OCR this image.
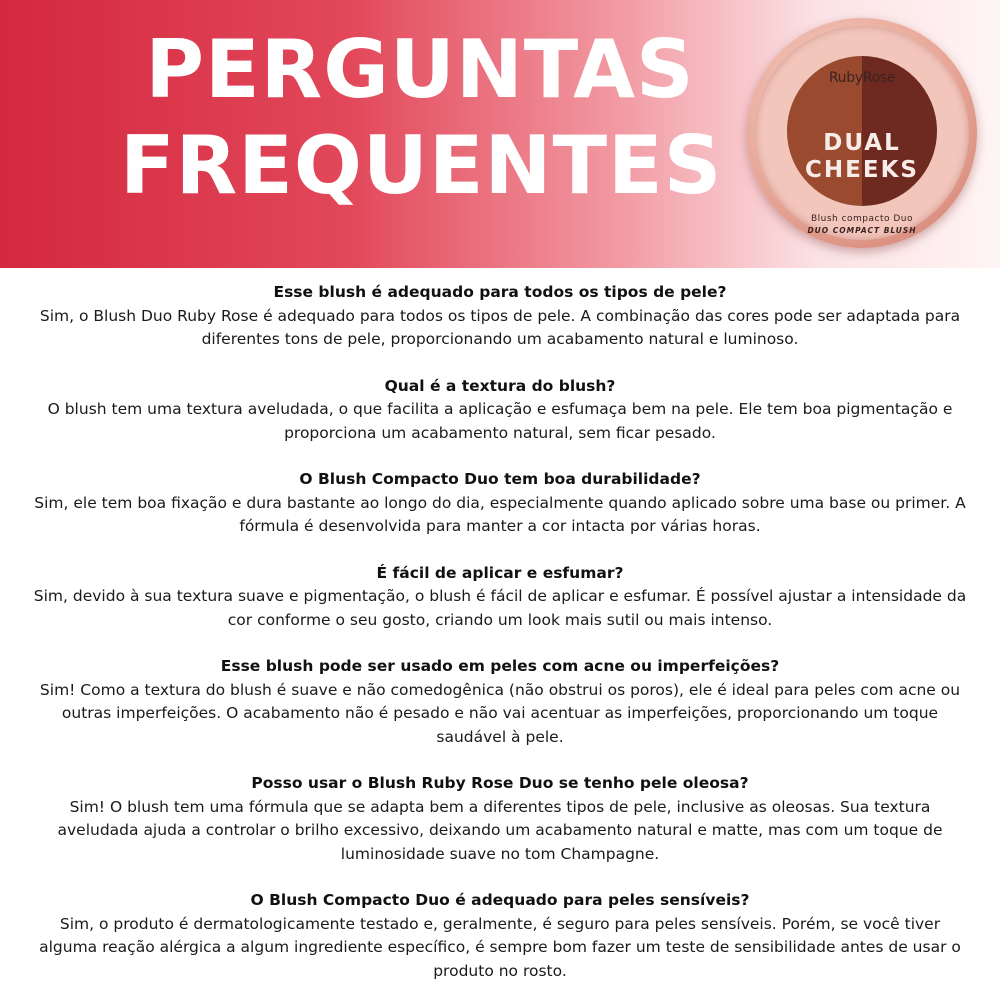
PERGUNTAS
FREQUENTES
RubyRose
DUAL
CHEEKS
Blush compacto Duo
DUO COMPACT BLUSH
Esse blush é adequado para todos os tipos de pele?
Sim, o Blush Duo Ruby Rose é adequado para todos os tipos de pele. A combinação das cores pode ser adaptada para diferentes tons de pele, proporcionando um acabamento natural e luminoso.
Qual é a textura do blush?
O blush tem uma textura aveludada, o que facilita a aplicação e esfumaça bem na pele. Ele tem boa pigmentação e proporciona um acabamento natural, sem ficar pesado.
O Blush Compacto Duo tem boa durabilidade?
Sim, ele tem boa fixação e dura bastante ao longo do dia, especialmente quando aplicado sobre uma base ou primer. A fórmula é desenvolvida para manter a cor intacta por várias horas.
É fácil de aplicar e esfumar?
Sim, devido à sua textura suave e pigmentação, o blush é fácil de aplicar e esfumar. É possível ajustar a intensidade da cor conforme o seu gosto, criando um look mais sutil ou mais intenso.
Esse blush pode ser usado em peles com acne ou imperfeições?
Sim! Como a textura do blush é suave e não comedogênica (não obstrui os poros), ele é ideal para peles com acne ou outras imperfeições. O acabamento não é pesado e não vai acentuar as imperfeições, proporcionando um toque saudável à pele.
Posso usar o Blush Ruby Rose Duo se tenho pele oleosa?
Sim! O blush tem uma fórmula que se adapta bem a diferentes tipos de pele, inclusive as oleosas. Sua textura aveludada ajuda a controlar o brilho excessivo, deixando um acabamento natural e matte, mas com um toque de luminosidade suave no tom Champagne.
O Blush Compacto Duo é adequado para peles sensíveis?
Sim, o produto é dermatologicamente testado e, geralmente, é seguro para peles sensíveis. Porém, se você tiver alguma reação alérgica a algum ingrediente específico, é sempre bom fazer um teste de sensibilidade antes de usar o produto no rosto.
